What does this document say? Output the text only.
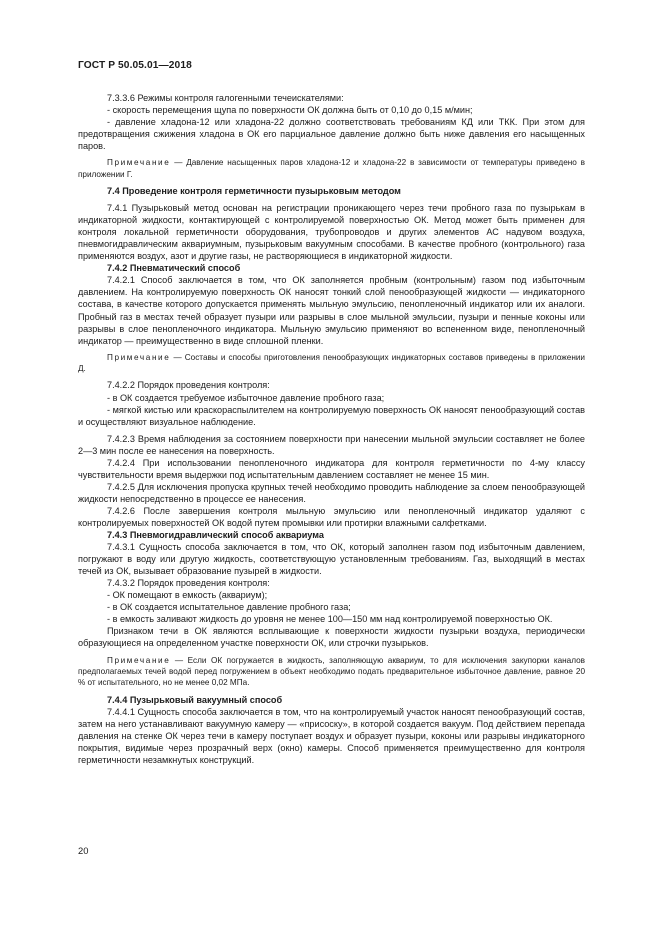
ГОСТ Р 50.05.01—2018

7.3.3.6 Режимы контроля галогенными течеискателями:

- скорость перемещения щупа по поверхности ОК должна быть от 0,10 до 0,15 м/мин;

- давление хладона-12 или хладона-22 должно соответствовать требованиям КД или ТКК. При этом для предотвращения сжижения хладона в ОК его парциальное давление должно быть ниже давления его насыщенных паров.

Примечание — Давление насыщенных паров хладона-12 и хладона-22 в зависимости от температуры приведено в приложении Г.

7.4 Проведение контроля герметичности пузырьковым методом

7.4.1 Пузырьковый метод основан на регистрации проникающего через течи пробного газа по пузырькам в индикаторной жидкости, контактирующей с контролируемой поверхностью ОК. Метод может быть применен для контроля локальной герметичности оборудования, трубопроводов и других элементов АС надувом воздуха, пневмогидравлическим аквариумным, пузырьковым вакуумным способами. В качестве пробного (контрольного) газа применяются воздух, азот и другие газы, не растворяющиеся в индикаторной жидкости.

7.4.2 Пневматический способ

7.4.2.1 Способ заключается в том, что ОК заполняется пробным (контрольным) газом под избыточным давлением. На контролируемую поверхность ОК наносят тонкий слой пенообразующей жидкости — индикаторного состава, в качестве которого допускается применять мыльную эмульсию, пенопленочный индикатор или их аналоги. Пробный газ в местах течей образует пузыри или разрывы в слое мыльной эмульсии, пузыри и пенные коконы или разрывы в слое пенопленочного индикатора. Мыльную эмульсию применяют во вспененном виде, пенопленочный индикатор — преимущественно в виде сплошной пленки.

Примечание — Составы и способы приготовления пенообразующих индикаторных составов приведены в приложении Д.

7.4.2.2 Порядок проведения контроля:

- в ОК создается требуемое избыточное давление пробного газа;

- мягкой кистью или краскораспылителем на контролируемую поверхность ОК наносят пенообразующий состав и осуществляют визуальное наблюдение.

7.4.2.3 Время наблюдения за состоянием поверхности при нанесении мыльной эмульсии составляет не более 2—3 мин после ее нанесения на поверхность.

7.4.2.4 При использовании пенопленочного индикатора для контроля герметичности по 4-му классу чувствительности время выдержки под испытательным давлением составляет не менее 15 мин.

7.4.2.5 Для исключения пропуска крупных течей необходимо проводить наблюдение за слоем пенообразующей жидкости непосредственно в процессе ее нанесения.

7.4.2.6 После завершения контроля мыльную эмульсию или пенопленочный индикатор удаляют с контролируемых поверхностей ОК водой путем промывки или протирки влажными салфетками.

7.4.3 Пневмогидравлический способ аквариума

7.4.3.1 Сущность способа заключается в том, что ОК, который заполнен газом под избыточным давлением, погружают в воду или другую жидкость, соответствующую установленным требованиям. Газ, выходящий в местах течей из ОК, вызывает образование пузырей в жидкости.

7.4.3.2 Порядок проведения контроля:

- ОК помещают в емкость (аквариум);

- в ОК создается испытательное давление пробного газа;

- в емкость заливают жидкость до уровня не менее 100—150 мм над контролируемой поверхностью ОК.

Признаком течи в ОК являются всплывающие к поверхности жидкости пузырьки воздуха, периодически образующиеся на определенном участке поверхности ОК, или строчки пузырьков.

Примечание — Если ОК погружается в жидкость, заполняющую аквариум, то для исключения закупорки каналов предполагаемых течей водой перед погружением в объект необходимо подать предварительное избыточное давление, равное 20 % от испытательного, но не менее 0,02 МПа.

7.4.4 Пузырьковый вакуумный способ

7.4.4.1 Сущность способа заключается в том, что на контролируемый участок наносят пенообразующий состав, затем на него устанавливают вакуумную камеру — «присоску», в которой создается вакуум. Под действием перепада давления на стенке ОК через течи в камеру поступает воздух и образует пузыри, коконы или разрывы индикаторного покрытия, видимые через прозрачный верх (окно) камеры. Способ применяется преимущественно для контроля герметичности незамкнутых конструкций.

20
